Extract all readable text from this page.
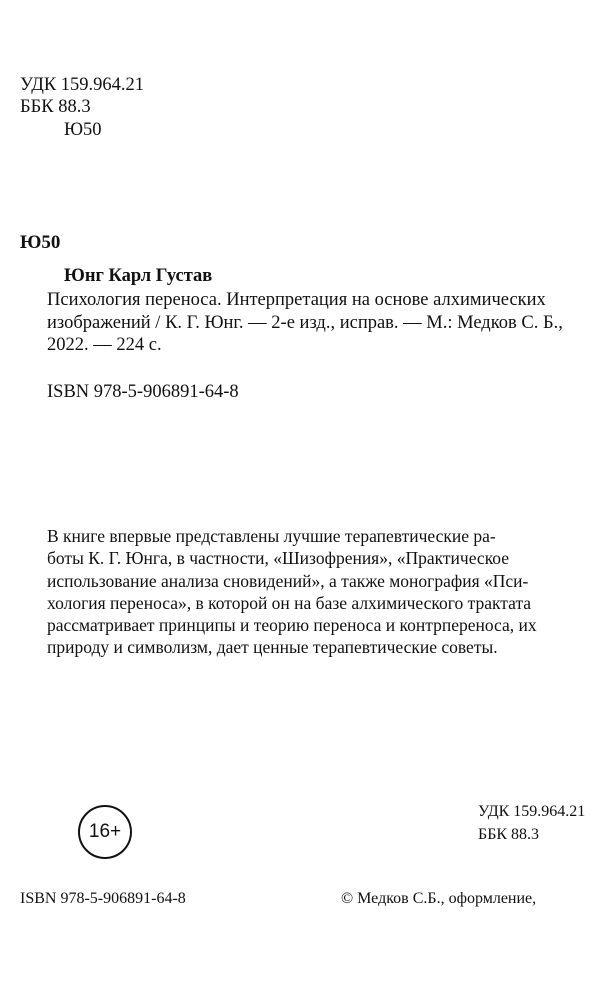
УДК 159.964.21
ББК 88.3
Ю50
Ю50
Юнг Карл Густав
Психология переноса. Интерпретация на основе алхимических
изображений / К. Г. Юнг. — 2-е изд., исправ. — М.: Медков С. Б.,
2022. — 224 с.
ISBN 978-5-906891-64-8
В книге впервые представлены лучшие терапевтические ра-
боты К. Г. Юнга, в частности, «Шизофрения», «Практическое
использование анализа сновидений», а также монография «Пси-
хология переноса», в которой он на базе алхимического трактата
рассматривает принципы и теорию переноса и контрпереноса, их
природу и символизм, дает ценные терапевтические советы.
16+
УДК 159.964.21
ББК 88.3
ISBN 978-5-906891-64-8	© Медков С.Б., оформление,
